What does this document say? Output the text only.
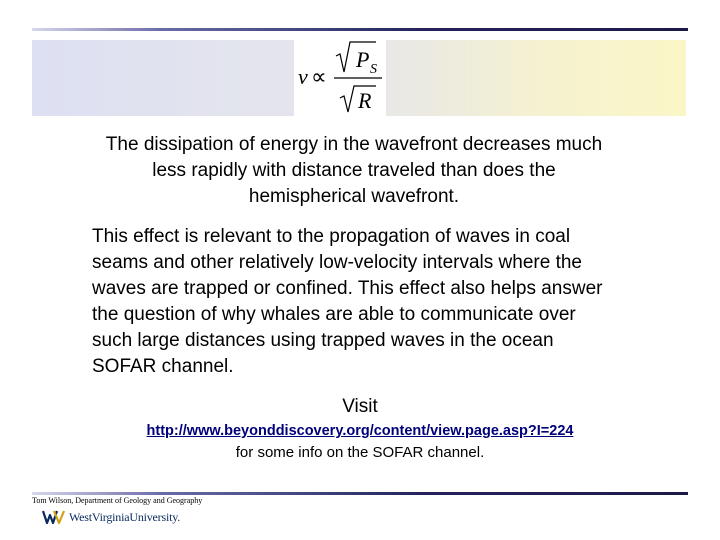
v ∝
P S
R
The dissipation of energy in the wavefront decreases much less rapidly with distance traveled than does the hemispherical wavefront.
This effect is relevant to the propagation of waves in coal seams and other relatively low-velocity intervals where the waves are trapped or confined. This effect also helps answer the question of why whales are able to communicate over such large distances using trapped waves in the ocean SOFAR channel.
Visit
http://www.beyonddiscovery.org/content/view.page.asp?I=224
for some info on the SOFAR channel.
Tom Wilson, Department of Geology and Geography
WestVirginiaUniversity.
